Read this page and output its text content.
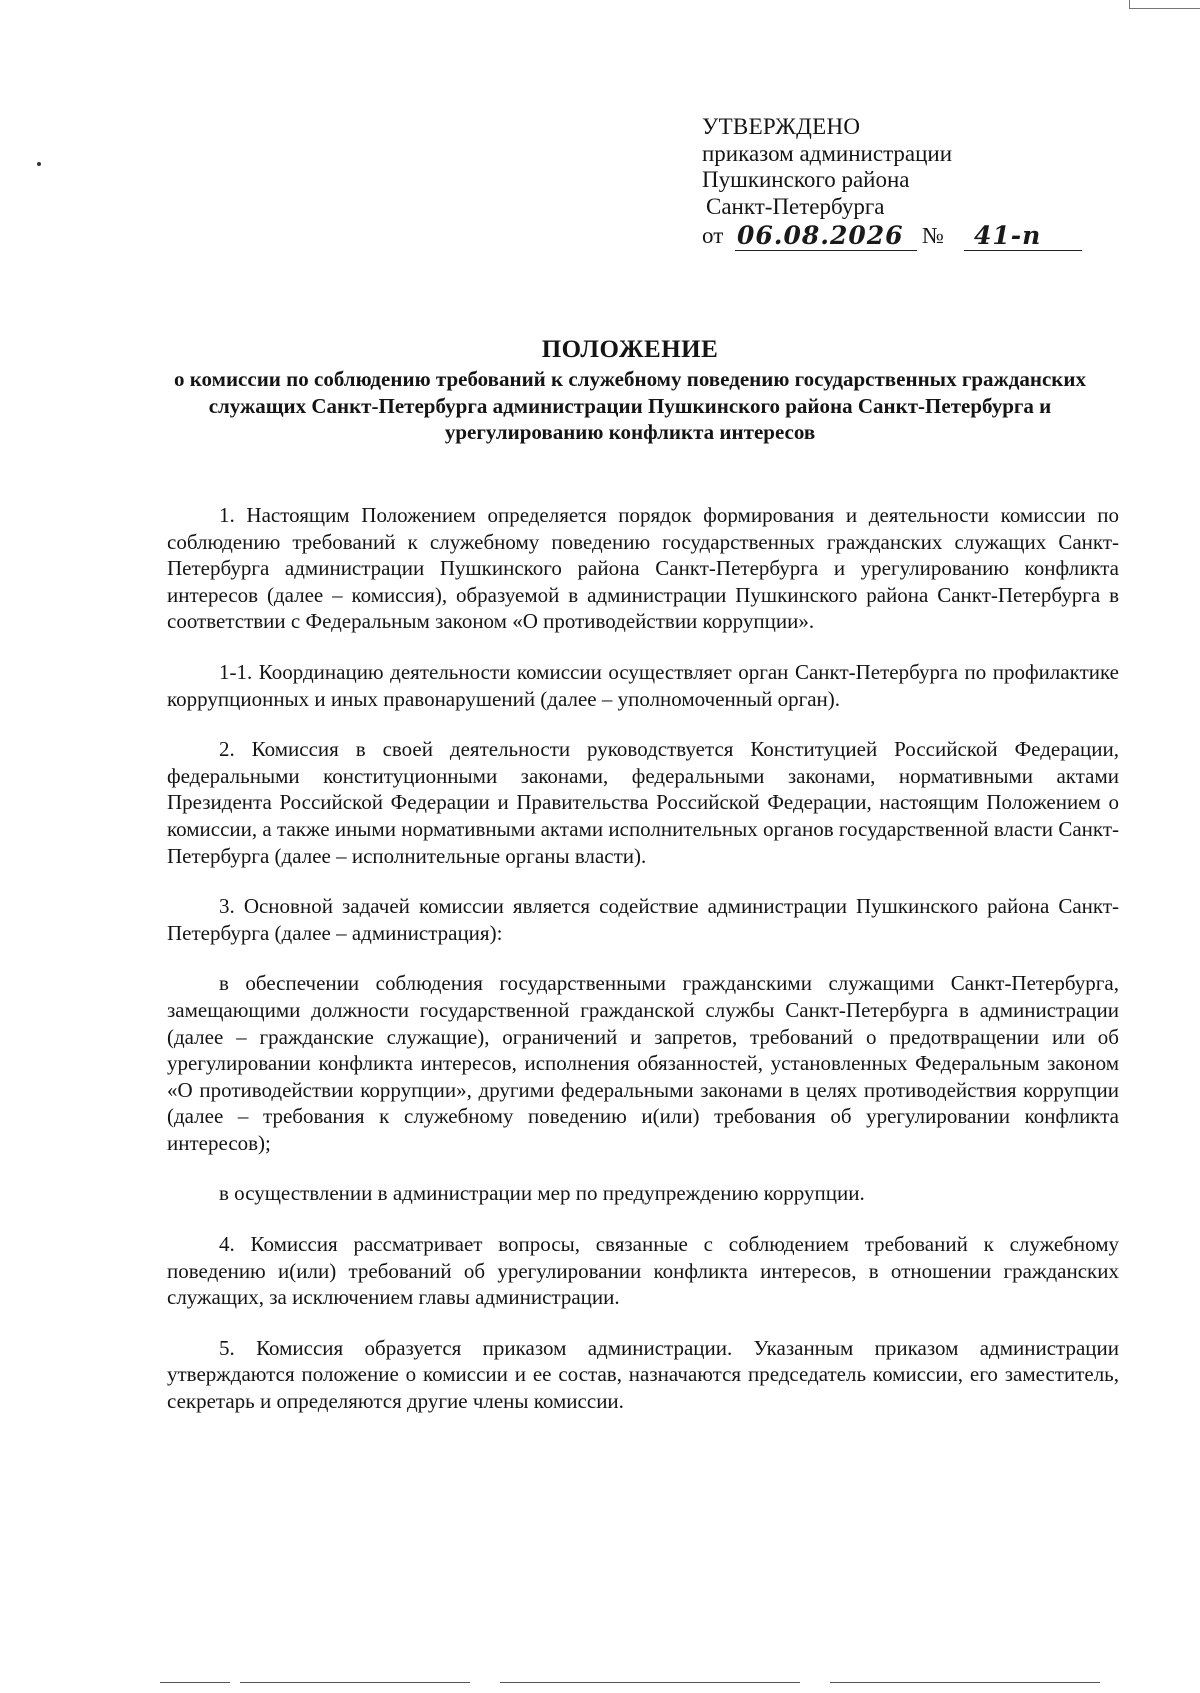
УТВЕРЖДЕНО
приказом администрации
Пушкинского района
Санкт-Петербурга
от 06.08.2026 № 41-п
ПОЛОЖЕНИЕ
о комиссии по соблюдению требований к служебному поведению государственных гражданских служащих Санкт-Петербурга администрации Пушкинского района Санкт-Петербурга и урегулированию конфликта интересов

1. Настоящим Положением определяется порядок формирования и деятельности комиссии по соблюдению требований к служебному поведению государственных гражданских служащих Санкт-Петербурга администрации Пушкинского района Санкт-Петербурга и урегулированию конфликта интересов (далее – комиссия), образуемой в администрации Пушкинского района Санкт-Петербурга в соответствии с Федеральным законом «О противодействии коррупции».

1-1. Координацию деятельности комиссии осуществляет орган Санкт-Петербурга по профилактике коррупционных и иных правонарушений (далее – уполномоченный орган).

2. Комиссия в своей деятельности руководствуется Конституцией Российской Федерации, федеральными конституционными законами, федеральными законами, нормативными актами Президента Российской Федерации и Правительства Российской Федерации, настоящим Положением о комиссии, а также иными нормативными актами исполнительных органов государственной власти Санкт-Петербурга (далее – исполнительные органы власти).

3. Основной задачей комиссии является содействие администрации Пушкинского района Санкт-Петербурга (далее – администрация):

в обеспечении соблюдения государственными гражданскими служащими Санкт-Петербурга, замещающими должности государственной гражданской службы Санкт-Петербурга в администрации (далее – гражданские служащие), ограничений и запретов, требований о предотвращении или об урегулировании конфликта интересов, исполнения обязанностей, установленных Федеральным законом «О противодействии коррупции», другими федеральными законами в целях противодействия коррупции (далее – требования к служебному поведению и(или) требования об урегулировании конфликта интересов);

в осуществлении в администрации мер по предупреждению коррупции.

4. Комиссия рассматривает вопросы, связанные с соблюдением требований к служебному поведению и(или) требований об урегулировании конфликта интересов, в отношении гражданских служащих, за исключением главы администрации.

5. Комиссия образуется приказом администрации. Указанным приказом администрации утверждаются положение о комиссии и ее состав, назначаются председатель комиссии, его заместитель, секретарь и определяются другие члены комиссии.
